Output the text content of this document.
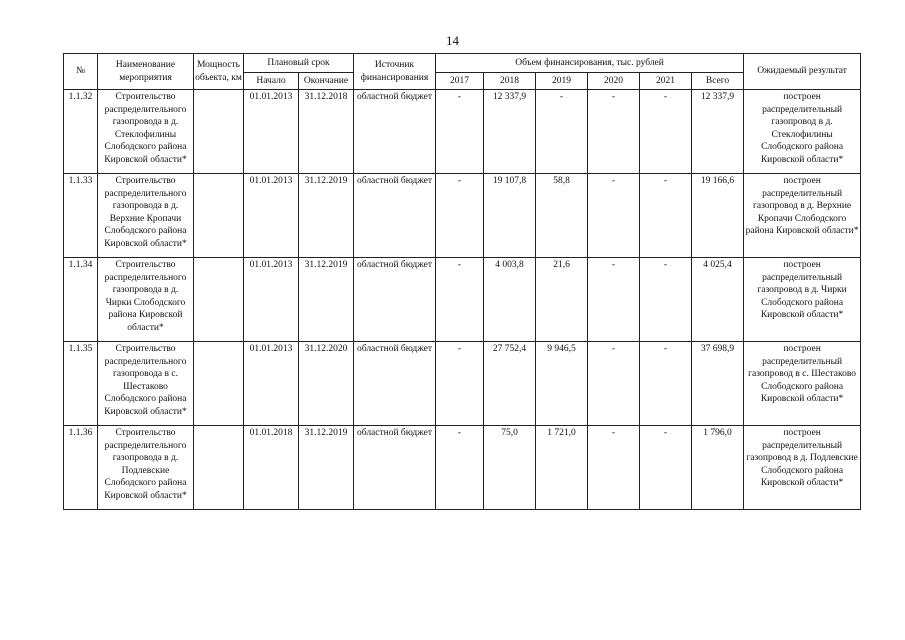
14
№	Наименование мероприятия	Мощность объекта, км	Плановый срок		Источник финансирования	Объем финансирования, тыс. рублей						Ожидаемый результат
			Начало	Окончание		2017	2018	2019	2020	2021	Всего	
1.1.32	Строительство распределительного газопровода в д. Стеклофилины Слободского района Кировской области*		01.01.2013	31.12.2018	областной бюджет	-	12 337,9	-	-	-	12 337,9	построен распределительный газопровод в д. Стеклофилины Слободского района Кировской области*
1.1.33	Строительство распределительного газопровода в д. Верхние Кропачи Слободского района Кировской области*		01.01.2013	31.12.2019	областной бюджет	-	19 107,8	58,8	-	-	19 166,6	построен распределительный газопровод в д. Верхние Кропачи Слободского района Кировской области*
1.1.34	Строительство распределительного газопровода в д. Чирки Слободского района Кировской области*		01.01.2013	31.12.2019	областной бюджет	-	4 003,8	21,6	-	-	4 025,4	построен распределительный газопровод в д. Чирки Слободского района Кировской области*
1.1.35	Строительство распределительного газопровода в с. Шестаково Слободского района Кировской области*		01.01.2013	31.12.2020	областной бюджет	-	27 752,4	9 946,5	-	-	37 698,9	построен распределительный газопровод в с. Шестаково Слободского района Кировской области*
1.1.36	Строительство распределительного газопровода в д. Подлевские Слободского района Кировской области*		01.01.2018	31.12.2019	областной бюджет	-	75,0	1 721,0	-	-	1 796,0	построен распределительный газопровод в д. Подлевские Слободского района Кировской области*
